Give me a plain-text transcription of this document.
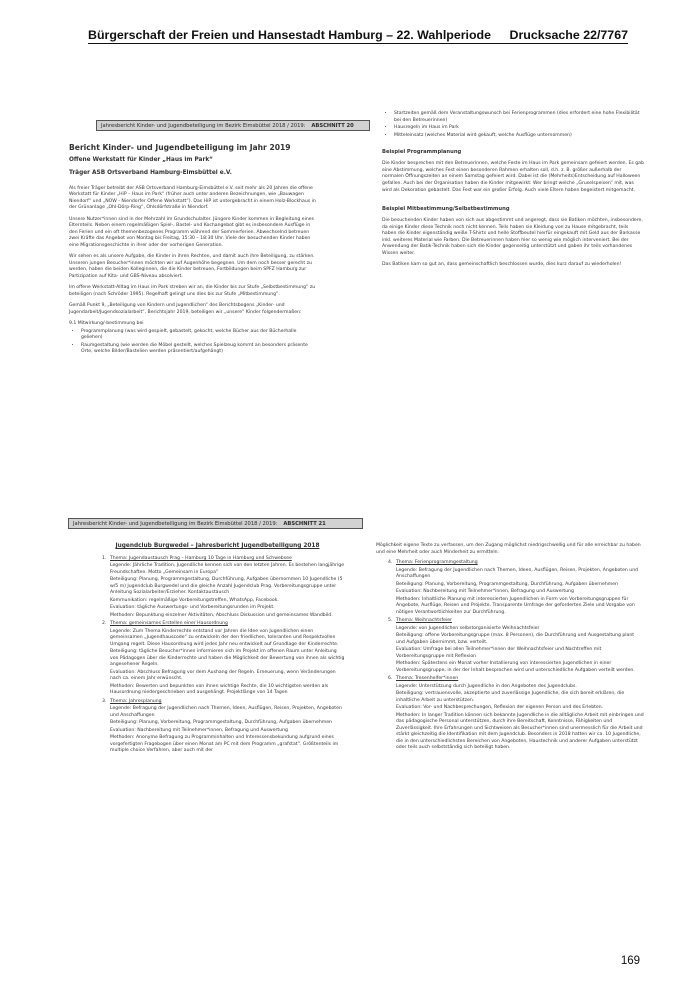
Bürgerschaft der Freien und Hansestadt Hamburg – 22. Wahlperiode Drucksache 22/7767
Jahresbericht Kinder- und Jugendbeteiligung im Bezirk Eimsbüttel 2018 / 2019: ABSCHNITT 20

Bericht Kinder- und Jugendbeteiligung im Jahr 2019

Offene Werkstatt für Kinder „Haus im Park“

Träger ASB Ortsverband Hamburg-Eimsbüttel e.V.

Als freier Träger betreibt der ASB Ortsverband Hamburg-Eimsbüttel e.V. seit mehr als 20 Jahren die offene Werkstatt für Kinder „HiP – Haus im Park“ (früher auch unter anderen Bezeichnungen, wie „Bauwagen Niendorf“ und „NOW - Niendorfer Offene Werkstatt“). Das HiP ist untergebracht in einem Holz-Blockhaus in der Grünanlage „Ohl-Dörp-Ring“, Ohlsdörfstraße in Niendorf.

Unsere Nutzer*innen sind in der Mehrzahl im Grundschulalter. Jüngere Kinder kommen in Begleitung eines Elternteils. Neben einem regelmäßigen Spiel-, Bastel- und Kochangebot gibt es insbesondere Ausflüge in den Ferien und ein oft themenbezogenes Programm während der Sommerferien. Abwechselnd betreuen zwei Kräfte das Angebot von Montag bis Freitag, 15:30 – 18:30 Uhr. Viele der besuchenden Kinder haben eine Migrationsgeschichte in ihrer oder der vorherigen Generation.

Wir sehen es als unsere Aufgabe, die Kinder in ihren Rechten, und damit auch ihre Beteiligung, zu stärken. Unseren jungen Besucher*innen möchten wir auf Augenhöhe begegnen. Um dem noch besser gerecht zu werden, haben die beiden Kolleginnen, die die Kinder betreuen, Fortbildungen beim SPFZ Hamburg zur Partizipation auf Kita- und GBS-Niveau absolviert.

Im offene Werkstatt-Alltag im Haus im Park streben wir an, die Kinder bis zur Stufe „Selbstbestimmung“ zu beteiligen (nach Schröder 1995). Regelhaft gelingt uns dies bis zur Stufe „Mitbestimmung“.

Gemäß Punkt 9, „Beteiligung von Kindern und Jugendlichen“ des Berichtsbogens „Kinder- und Jugendarbeit/Jugendsozialarbeit“, Berichtsjahr 2019, beteiligen wir „unsere“ Kinder folgendermaßen:

9.1 Mitwirkung/-bestimmung bei

• Programmplanung (was wird gespielt, gebastelt, gekocht, welche Bücher aus der Bücherhalle geliehen)
• Raumgestaltung (wie werden die Möbel gestellt, welches Spielzeug kommt an besonders präsente Orte, welche Bilder/Bastelien werden präsentiert/aufgehängt)
• Startzeiten gemäß dem Veranstaltungswunsch bei Ferienprogrammen (dies erfordert eine hohe Flexibilität bei den Betreuerinnen)
• Hausregeln im Haus im Park
• Mitteleinsatz (welches Material wird gekauft, welche Ausflüge unternommen)

Beispiel Programmplanung

Die Kinder besprechen mit den Betreuerinnen, welche Feste im Haus im Park gemeinsam gefeiert werden. Es gab eine Abstimmung, welches Fest einen besonderen Rahmen erhalten soll, d.h. z. B. größer außerhalb der normalen Öffnungszeiten an einem Samstag gefeiert wird. Dabei ist die (Mehrheits)Entscheidung auf Halloween gefallen. Auch bei der Organisation haben die Kinder mitgewirkt: Wer bringt welche „Gruselspeisen“ mit, was wird als Dekoration gebastelt. Das Fest war ein großer Erfolg. Auch viele Eltern haben begeistert mitgemacht.

Beispiel Mitbestimmung/Selbstbestimmung

Die besuchenden Kinder haben von sich aus abgestimmt und angeregt, dass sie Batiken möchten, insbesondere, da einige Kinder diese Technik noch nicht kennen. Teils haben sie Kleidung von zu Hause mitgebracht, teils haben die Kinder eigenständig weiße T-Shirts und helle Stoffbeutel hierfür eingekauft mit Geld aus der Barkasse inkl. weiteres Material wie Farben. Die Betreuerinnen haben hier so wenig wie möglich interveniert. Bei der Anwendung der Batik-Technik haben sich die Kinder gegenseitig unterstützt und gaben ihr teils vorhandenes Wissen weiter.

Das Batiken kam so gut an, dass gemeinschaftlich beschlossen wurde, dies kurz darauf zu wiederholen!

Jahresbericht Kinder- und Jugendbeteiligung im Bezirk Eimsbüttel 2018 / 2019: ABSCHNITT 21

Jugendclub Burgwedel – Jahresbericht Jugendbeteiligung 2018

1. Thema: Jugendaustausch Prag – Hamburg 10 Tage in Hamburg und Schwebsee
Legende: Jährliche Tradition, Jugendliche kennen sich von den letzten Jahren. Es bestehen langjährige Freundschaften. Motto „Gemeinsam in Europa“
Beteiligung: Planung, Programmgestaltung, Durchführung, Aufgaben übernommen 10 Jugendliche (5 w/5 m) Jugendclub Burgwedel und die gleiche Anzahl Jugendclub Prag. Vorbereitungsgruppe unter Anleitung Sozialarbeiter/Erzieher. Kontaktaustausch
Kommunikation: regelmäßige Vorbereitungstreffen, WhatsApp, Facebook.
Evaluation: tägliche Auswertungs- und Vorbereitungsrunden im Projekt.
Methoden: Bepunktung einzelner Aktivitäten, Abschluss Diskussion und gemeinsames Wandbild.
2. Thema: gemeinsames Erstellen einer Hausordnung
Legende: Zum Thema Kinderrechte entstand vor Jahren die Idee von Jugendlichen einen gemeinsamen „Jugendhauscode“ zu entwickeln der den friedlichen, toleranten und Respektvollen Umgang regelt. Diese Hausordnung wird jedes Jahr neu entwickelt auf Grundlage der Kinderrechte.
Beteiligung: tägliche Besucher*innen informieren sich im Projekt im offenen Raum unter Anleitung von Pädagogen über die Kinderrechte und haben die Möglichkeit der Bewertung von ihnen als wichtig angesehener Regeln.
Evaluation: Abschluss Befragung vor dem Aushang der Regeln. Erneuerung, wenn Veränderungen nach ca. einem Jahr erwünscht.
Methoden: Bewerten und bepunkten von ihnen wichtige Rechte, die 10 wichtigsten werden als Hausordnung niedergeschrieben und ausgehängt. Projektlänge von 14 Tagen
3. Thema: Jahresplanung
Legende: Befragung der Jugendlichen nach Themen, Ideen, Ausflügen, Reisen, Projekten, Angeboten und Anschaffungen
Beteiligung: Planung, Vorbereitung, Programmgestaltung, Durchführung, Aufgaben übernehmen
Evaluation: Nachbereitung mit Teilnehmer*innen, Befragung und Auswertung
Methoden: Anonyme Befragung zu Programminhalten und Interessensbekundung aufgrund eines vorgefertigten Fragebogen über einen Monat am PC mit dem Programm „grafstat“. Größtenteils im multiple choice Verfahren, aber auch mit der

Möglichkeit eigene Texte zu verfassen, um den Zugang möglichst niedrigschwellig und für alle erreichbar zu haben und eine Mehrheit oder auch Minderheit zu ermitteln.

4. Thema: Ferienprogrammgestaltung
Legende: Befragung der Jugendlichen nach Themen, Ideen, Ausflügen, Reisen, Projekten, Angeboten und Anschaffungen
Beteiligung: Planung, Vorbereitung, Programmgestaltung, Durchführung, Aufgaben übernehmen
Evaluation: Nachbereitung mit Teilnehmer*innen, Befragung und Auswertung
Methoden: Inhaltliche Planung mit interessierten Jugendlichen in Form von Vorbereitungsgruppen für Angebote, Ausflüge, Reisen und Projekte. Transparente Umfrage der geforderten Ziele und Vorgabe von nötigen Verantwortlichkeiten zur Durchführung.
5. Thema: Weihnachtsfeier
Legende: von Jugendlichen selbstorganisierte Weihnachtsfeier
Beteiligung: offene Vorbereitungsgruppe (max. 8 Personen), die Durchführung und Ausgestaltung plant und Aufgaben übernimmt, bzw. verteilt.
Evaluation: Umfrage bei allen Teilnehmer*innen der Weihnachtsfeier und Nachtreffen mit Vorbereitungsgruppe mit Reflexion
Methoden: Spätestens ein Monat vorher Installierung von interessierten Jugendlichen in einer Vorbereitungsgruppe, in der der Inhalt besprochen wird und unterschiedliche Aufgaben verteilt werden.
6. Thema: Tresenhelfer*innen
Legende: Unterstützung durch Jugendliche in den Angeboten des Jugendclubs.
Beteiligung: vertrauensvolle, akzeptierte und zuverlässige Jugendliche, die sich bereit erklären, die inhaltliche Arbeit zu unterstützen.
Evaluation: Vor- und Nachbesprechungen, Reflexion der eigenen Person und des Erlebten.
Methoden: In langer Tradition können sich bekannte Jugendliche in die alltägliche Arbeit mit einbringen und das pädagogische Personal unterstützen, durch ihre Bereitschaft, Kenntnisse, Fähigkeiten und Zuverlässigkeit. Ihre Erfahrungen und Sichtweisen als Besucher*innen sind unermesslich für die Arbeit und stärkt gleichzeitig die Identifikation mit dem Jugendclub. Besonders in 2018 hatten wir ca. 10 Jugendliche, die in den unterschiedlichsten Bereichen von Angeboten, Haustechnik und anderer Aufgaben unterstützt oder teils auch selbstständig sich beteiligt haben.
169
